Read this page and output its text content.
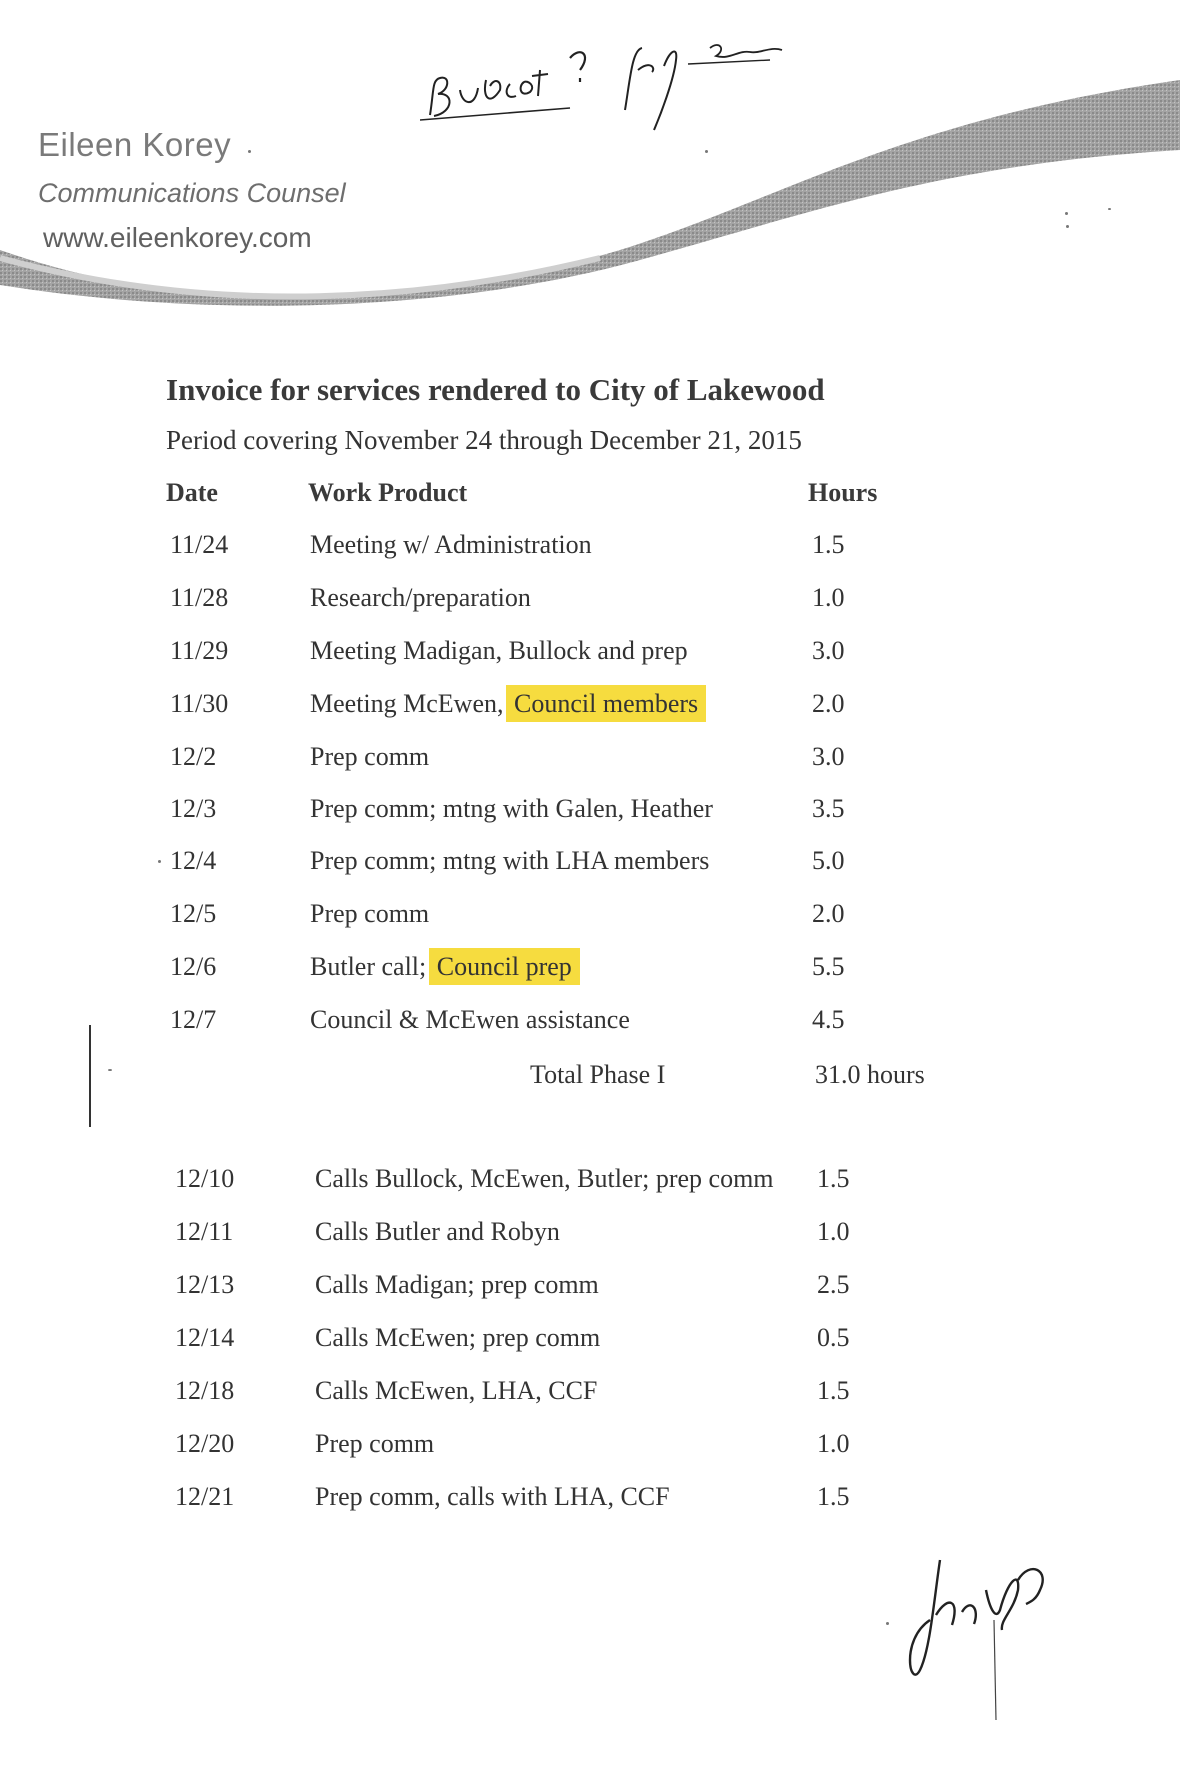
Eileen Korey
Communications Counsel
www.eileenkorey.com
Invoice for services rendered to City of Lakewood
Period covering November 24 through December 21, 2015
Date	Work Product	Hours
11/24	Meeting w/ Administration	1.5
11/28	Research/preparation	1.0
11/29	Meeting Madigan, Bullock and prep	3.0
11/30	Meeting McEwen, Council members	2.0
12/2	Prep comm	3.0
12/3	Prep comm; mtng with Galen, Heather	3.5
12/4	Prep comm; mtng with LHA members	5.0
12/5	Prep comm	2.0
12/6	Butler call; Council prep	5.5
12/7	Council & McEwen assistance	4.5
Total Phase I	31.0 hours
12/10	Calls Bullock, McEwen, Butler; prep comm 1.5
12/11	Calls Butler and Robyn	1.0
12/13	Calls Madigan; prep comm	2.5
12/14	Calls McEwen; prep comm	0.5
12/18	Calls McEwen, LHA, CCF	1.5
12/20	Prep comm	1.0
12/21	Prep comm, calls with LHA, CCF	1.5
